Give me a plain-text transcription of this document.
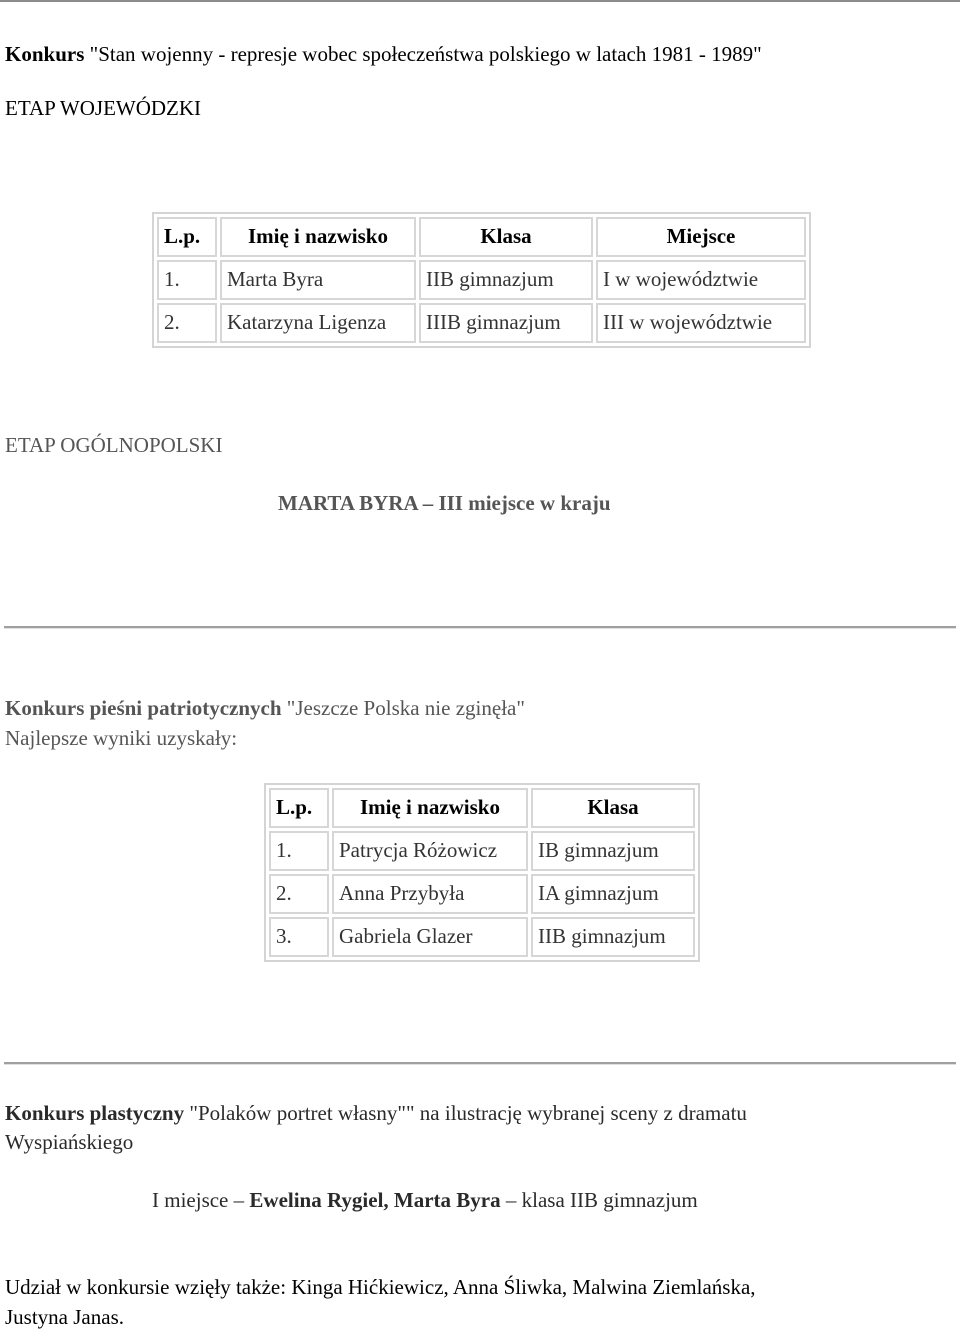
Konkurs "Stan wojenny - represje wobec społeczeństwa polskiego w latach 1981 - 1989"
ETAP WOJEWÓDZKI
L.p.	Imię i nazwisko	Klasa	Miejsce
1.	Marta Byra	IIB gimnazjum	I w województwie
2.	Katarzyna Ligenza	IIIB gimnazjum	III w województwie
ETAP OGÓLNOPOLSKI
MARTA BYRA – III miejsce w kraju
Konkurs pieśni patriotycznych "Jeszcze Polska nie zginęła"
Najlepsze wyniki uzyskały:
L.p.	Imię i nazwisko	Klasa
1.	Patrycja Różowicz	IB gimnazjum
2.	Anna Przybyła	IA gimnazjum
3.	Gabriela Glazer	IIB gimnazjum
Konkurs plastyczny "Polaków portret własny"" na ilustrację wybranej sceny z dramatu
Wyspiańskiego
I miejsce – Ewelina Rygiel, Marta Byra – klasa IIB gimnazjum
Udział w konkursie wzięły także: Kinga Hićkiewicz, Anna Śliwka, Malwina Ziemlańska,
Justyna Janas.
